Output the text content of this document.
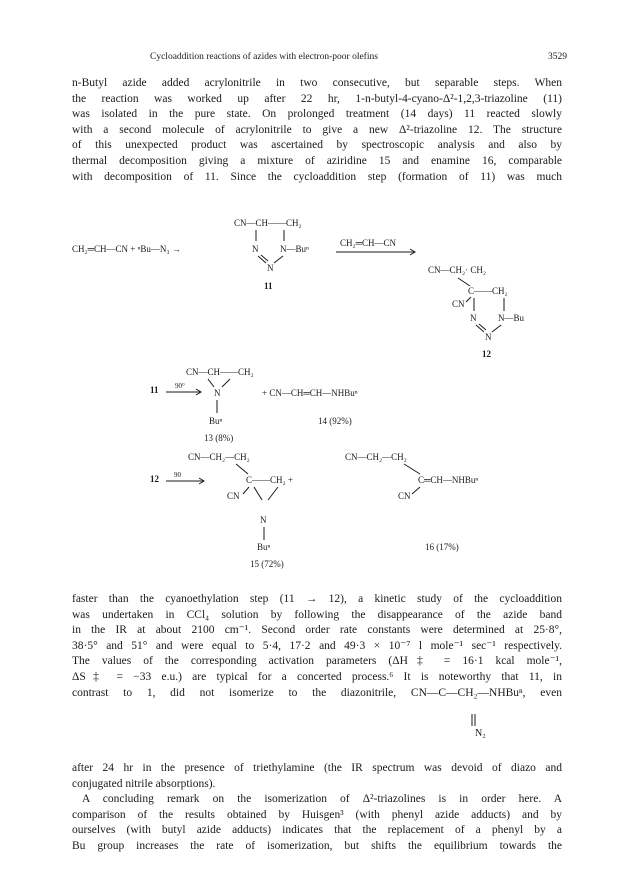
Cycloaddition reactions of azides with electron-poor olefins	3529
n-Butyl azide added acrylonitrile in two consecutive, but separable steps. When
the reaction was worked up after 22 hr, 1-n-butyl-4-cyano-Δ²-1,2,3-triazoline (11)
was isolated in the pure state. On prolonged treatment (14 days) 11 reacted slowly
with a second molecule of acrylonitrile to give a new Δ²-triazoline 12. The structure
of this unexpected product was ascertained by spectroscopic analysis and also by
thermal decomposition giving a mixture of aziridine 15 and enamine 16, comparable
with decomposition of 11. Since the cycloaddition step (formation of 11) was much
CH₂═CH—CN + ⁿBu—N₃ →
CN—CH——CH₂
N N—Buⁿ
N
11
CH₂═CH—CN
CN—CH₂· CH₂
C——CH₂
CN
N N—Bu
N
12
11 90°
CN—CH——CH₂
N
Buⁿ
13 (8%)
+ CN—CH═CH—NHBuⁿ
14 (92%)
12 90
CN—CH₂—CH₂
C——CH₂ +
CN
N
Buⁿ
15 (72%)
CN—CH₂—CH₂
C═CH—NHBuⁿ
CN
16 (17%)
faster than the cyanoethylation step (11 → 12), a kinetic study of the cycloaddition
was undertaken in CCl₄ solution by following the disappearance of the azide band
in the IR at about 2100 cm⁻¹. Second order rate constants were determined at 25·8°,
38·5° and 51° and were equal to 5·4, 17·2 and 49·3 × 10⁻⁷ l mole⁻¹ sec⁻¹ respectively.
The values of the corresponding activation parameters (ΔH‡ = 16·1 kcal mole⁻¹,
ΔS‡ = −33 e.u.) are typical for a concerted process.⁶ It is noteworthy that 11, in
contrast to 1, did not isomerize to the diazonitrile, CN—C—CH₂—NHBuⁿ, even
N₂
after 24 hr in the presence of triethylamine (the IR spectrum was devoid of diazo and
conjugated nitrile absorptions).
A concluding remark on the isomerization of Δ²-triazolines is in order here. A
comparison of the results obtained by Huisgen³ (with phenyl azide adducts) and by
ourselves (with butyl azide adducts) indicates that the replacement of a phenyl by a
Bu group increases the rate of isomerization, but shifts the equilibrium towards the
